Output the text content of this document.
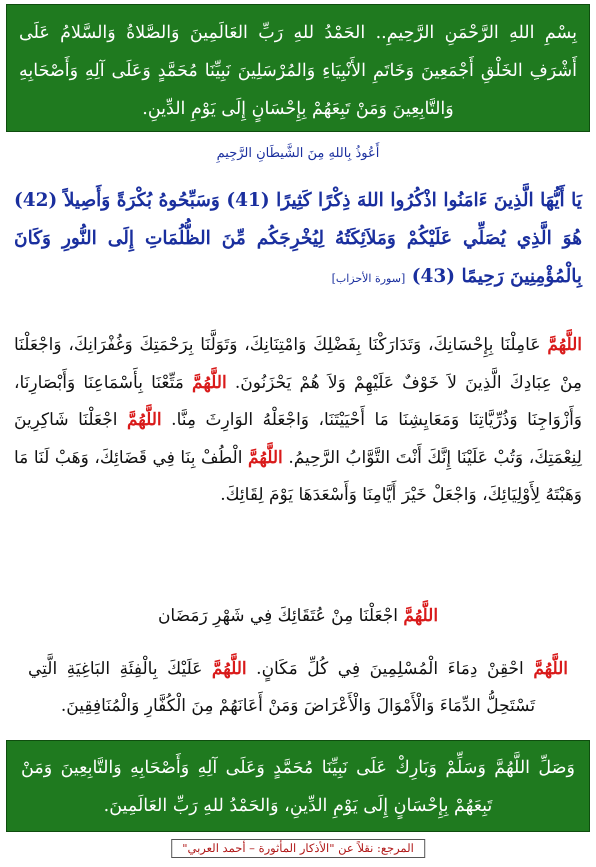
بِسْمِ اللهِ الرَّحْمَنِ الرَّحِيمِ.. الحَمْدُ للهِ رَبِّ العَالَمِينَ وَالصَّلاةُ وَالسَّلامُ عَلَى أَشْرَفِ الخَلْقِ أَجْمَعِينَ وَخَاتَمِ الأَنْبِيَاءِ وَالمُرْسَلِينَ نَبِيِّنَا مُحَمَّدٍ وَعَلَى آلِهِ وَأَصْحَابِهِ وَالتَّابِعِينَ وَمَنْ تَبِعَهُمْ بِإِحْسَانٍ إِلَى يَوْمِ الدِّينِ.
أَعُوذُ بِاللهِ مِنَ الشَّيطَانِ الرَّجِيمِ
يَا أَيُّهَا الَّذِينَ ءَامَنُوا اذْكُرُوا اللهَ ذِكْرًا كَثِيرًا (41) وَسَبِّحُوهُ بُكْرَةً وَأَصِيلاً (42) هُوَ الَّذِي يُصَلِّي عَلَيْكُمْ وَمَلاَئِكَتُهُ لِيُخْرِجَكُم مِّنَ الظُّلُمَاتِ إِلَى النُّورِ وَكَانَ بِالْمُؤْمِنِينَ رَحِيمًا (43) [سورة الأحزاب]
اللَّهُمَّ عَامِلْنَا بِإِحْسَانِكَ، وَتَدَارَكْنَا بِفَضْلِكَ وَامْتِنَانِكَ، وَتَوَلَّنَا بِرَحْمَتِكَ وَغُفْرَانِكَ، وَاجْعَلْنَا مِنْ عِبَادِكَ الَّذِينَ لاَ خَوْفٌ عَلَيْهِمْ وَلاَ هُمْ يَحْزَنُونَ. اللَّهُمَّ مَتِّعْنَا بِأَسْمَاعِنَا وَأَبْصَارِنَا، وَأَزْوَاجِنَا وَذُرِّيَّاتِنَا وَمَعَايِشِنَا مَا أَحْيَيْتَنَا، وَاجْعَلْهُ الوَارِثَ مِنَّا. اللَّهُمَّ اجْعَلْنَا شَاكِرِينَ لِنِعْمَتِكَ، وَتُبْ عَلَيْنَا إِنَّكَ أَنْتَ التَّوَّابُ الرَّحِيمُ. اللَّهُمَّ الْطُفْ بِنَا فِي قَضَائِكَ، وَهَبْ لَنَا مَا وَهَبْتَهُ لِأَوْلِيَائِكَ، وَاجْعَلْ خَيْرَ أَيَّامِنَا وَأَسْعَدَهَا يَوْمَ لِقَائِكَ.
اللَّهُمَّ اجْعَلْنَا مِنْ عُتَقَائِكَ فِي شَهْرِ رَمَضَان
اللَّهُمَّ احْقِنْ دِمَاءَ الْمُسْلِمِينَ فِي كُلِّ مَكَانٍ. اللَّهُمَّ عَلَيْكَ بِالْفِئَةِ البَاغِيَةِ الَّتِي تَسْتَحِلُّ الدِّمَاءَ وَالْأَمْوَالَ وَالْأَعْرَاضَ وَمَنْ أَعَانَهُمْ مِنَ الْكُفَّارِ وَالْمُنَافِقِينَ.
وَصَلِّ اللَّهُمَّ وَسَلِّمْ وَبَارِكْ عَلَى نَبِيِّنَا مُحَمَّدٍ وَعَلَى آلِهِ وَأَصْحَابِهِ وَالتَّابِعِينَ وَمَنْ تَبِعَهُمْ بِإِحْسَانٍ إِلَى يَوْمِ الدِّينِ، وَالحَمْدُ للهِ رَبِّ العَالَمِينَ.
المرجع: نقلاً عن "الأذكار المأثورة – أحمد العربي"
